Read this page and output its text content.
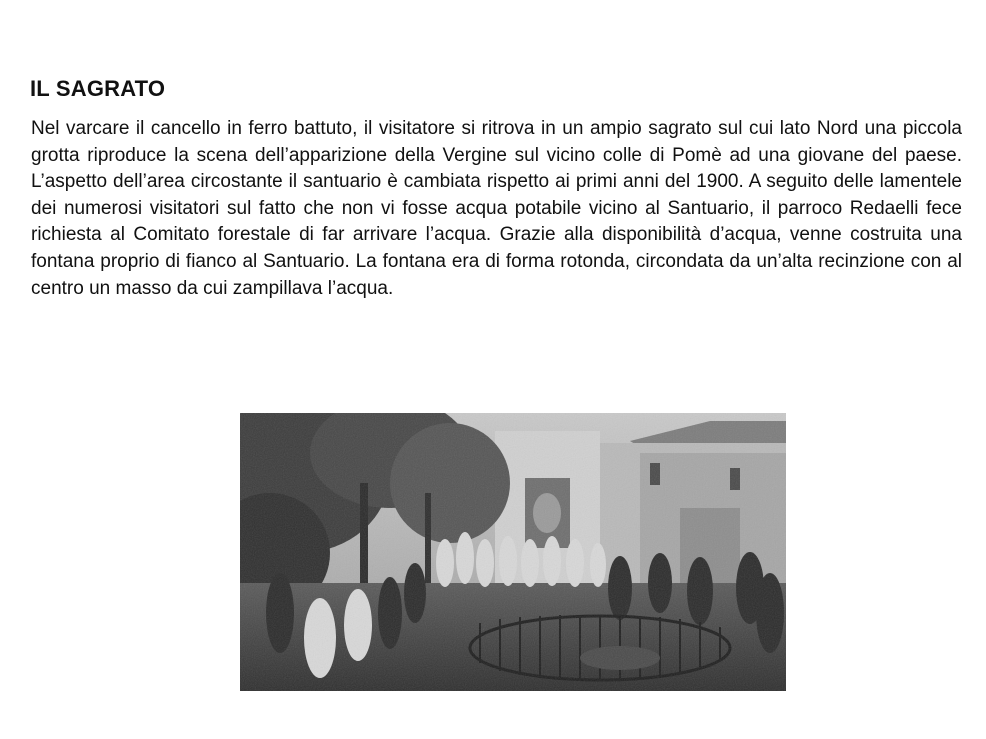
IL SAGRATO

Nel varcare il cancello in ferro battuto, il visitatore si ritrova in un ampio sagrato sul cui lato Nord una piccola grotta riproduce la scena dell’apparizione della Vergine sul vicino colle di Pomè ad una giovane del paese. L’aspetto dell’area circostante il santuario è cambiata rispetto ai primi anni del 1900. A seguito delle lamentele dei numerosi visitatori sul fatto che non vi fosse acqua potabile vicino al Santuario, il parroco Redaelli fece richiesta al Comitato forestale di far arrivare l’acqua. Grazie alla disponibilità d’acqua, venne costruita una fontana proprio di fianco al Santuario. La fontana era di forma rotonda, circondata da un’alta recinzione con al centro un masso da cui zampillava l’acqua.
